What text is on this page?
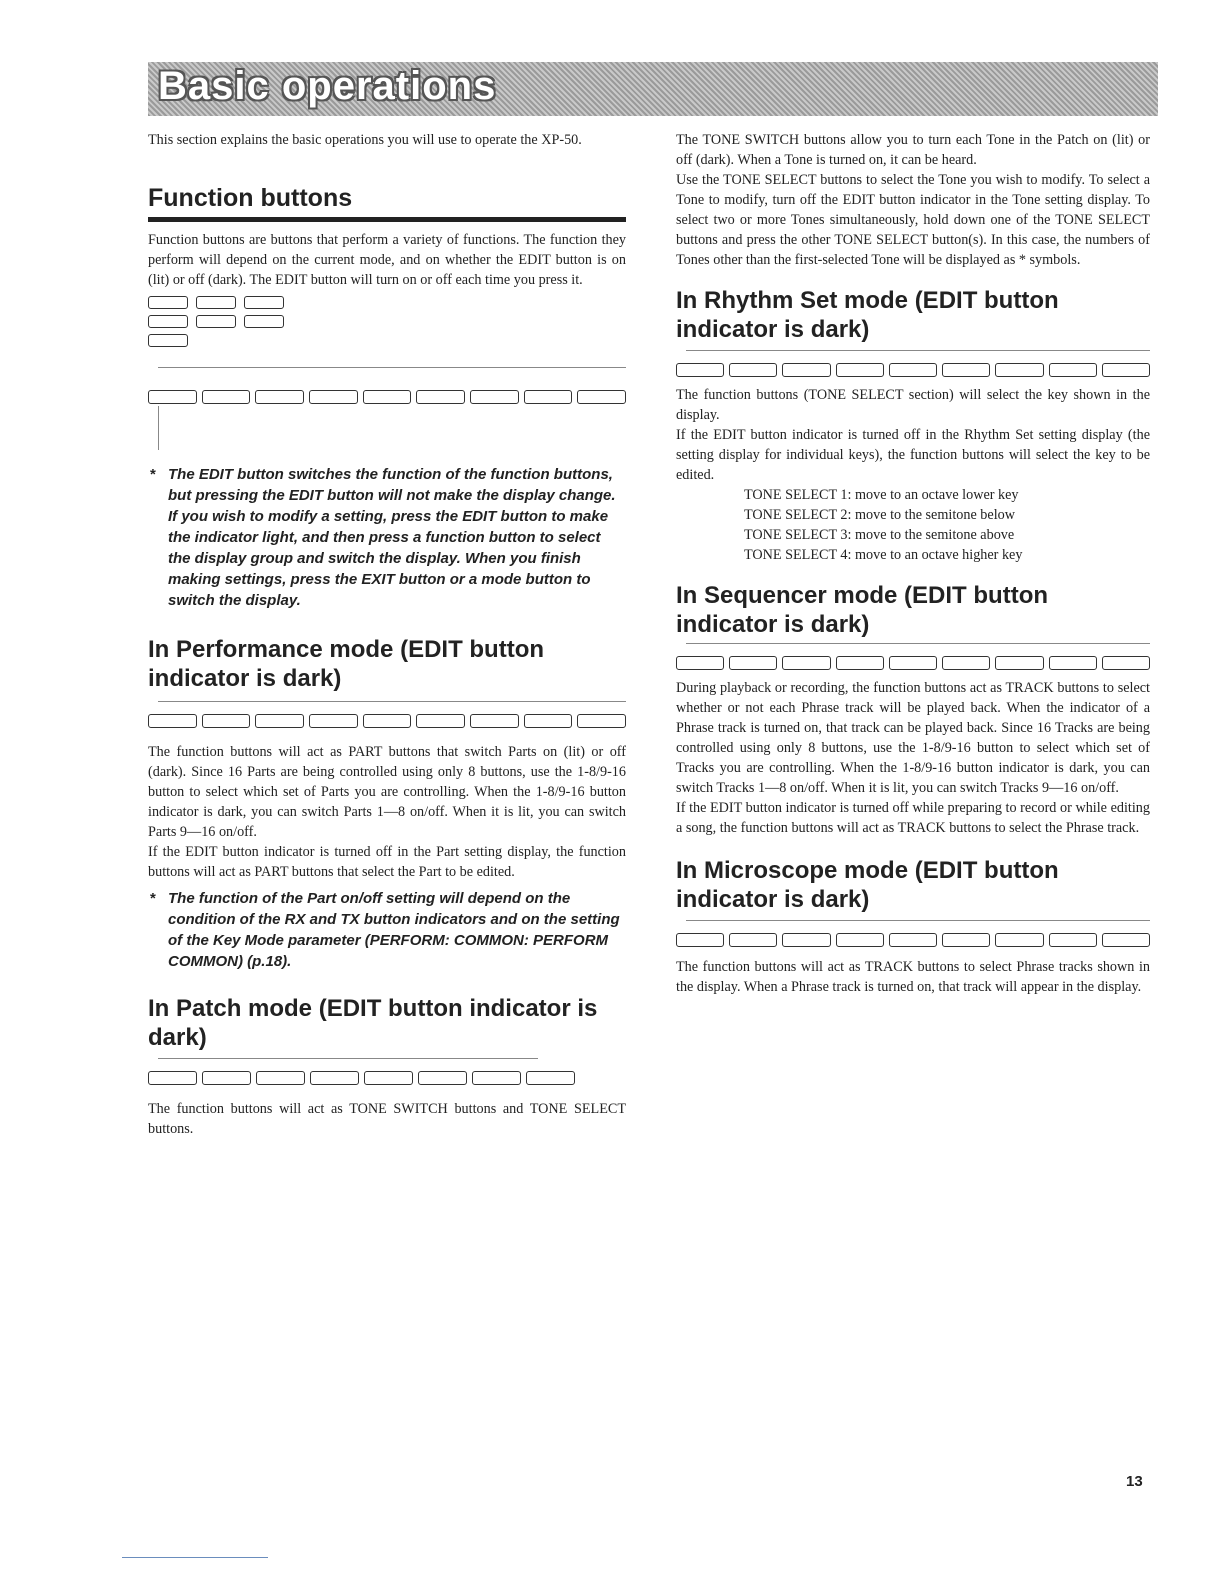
Basic operations

This section explains the basic operations you will use to operate the XP-50.

Function buttons

Function buttons are buttons that perform a variety of functions. The function they perform will depend on the current mode, and on whether the EDIT button is on (lit) or off (dark). The EDIT button will turn on or off each time you press it.

* The EDIT button switches the function of the function buttons, but pressing the EDIT button will not make the display change. If you wish to modify a setting, press the EDIT button to make the indicator light, and then press a function button to select the display group and switch the display. When you finish making settings, press the EXIT button or a mode button to switch the display.
In Performance mode (EDIT button indicator is dark)

The function buttons will act as PART buttons that switch Parts on (lit) or off (dark). Since 16 Parts are being controlled using only 8 buttons, use the 1-8/9-16 button to select which set of Parts you are controlling. When the 1-8/9-16 button indicator is dark, you can switch Parts 1—8 on/off. When it is lit, you can switch Parts 9—16 on/off.

If the EDIT button indicator is turned off in the Part setting display, the function buttons will act as PART buttons that select the Part to be edited.

* The function of the Part on/off setting will depend on the condition of the RX and TX button indicators and on the setting of the Key Mode parameter (PERFORM: COMMON: PERFORM COMMON) (p.18).
In Patch mode (EDIT button indicator is dark)

The function buttons will act as TONE SWITCH buttons and TONE SELECT buttons.

The TONE SWITCH buttons allow you to turn each Tone in the Patch on (lit) or off (dark). When a Tone is turned on, it can be heard.

Use the TONE SELECT buttons to select the Tone you wish to modify. To select a Tone to modify, turn off the EDIT button indicator in the Tone setting display. To select two or more Tones simultaneously, hold down one of the TONE SELECT buttons and press the other TONE SELECT button(s). In this case, the numbers of Tones other than the first-selected Tone will be displayed as * symbols.

In Rhythm Set mode (EDIT button indicator is dark)

The function buttons (TONE SELECT section) will select the key shown in the display.

If the EDIT button indicator is turned off in the Rhythm Set setting display (the setting display for individual keys), the function buttons will select the key to be edited.

TONE SELECT 1: move to an octave lower key

TONE SELECT 2: move to the semitone below

TONE SELECT 3: move to the semitone above

TONE SELECT 4: move to an octave higher key

In Sequencer mode (EDIT button indicator is dark)

During playback or recording, the function buttons act as TRACK buttons to select whether or not each Phrase track will be played back. When the indicator of a Phrase track is turned on, that track can be played back. Since 16 Tracks are being controlled using only 8 buttons, use the 1-8/9-16 button to select which set of Tracks you are controlling. When the 1-8/9-16 button indicator is dark, you can switch Tracks 1—8 on/off. When it is lit, you can switch Tracks 9—16 on/off.

If the EDIT button indicator is turned off while preparing to record or while editing a song, the function buttons will act as TRACK buttons to select the Phrase track.

In Microscope mode (EDIT button indicator is dark)

The function buttons will act as TRACK buttons to select Phrase tracks shown in the display. When a Phrase track is turned on, that track will appear in the display.

13
